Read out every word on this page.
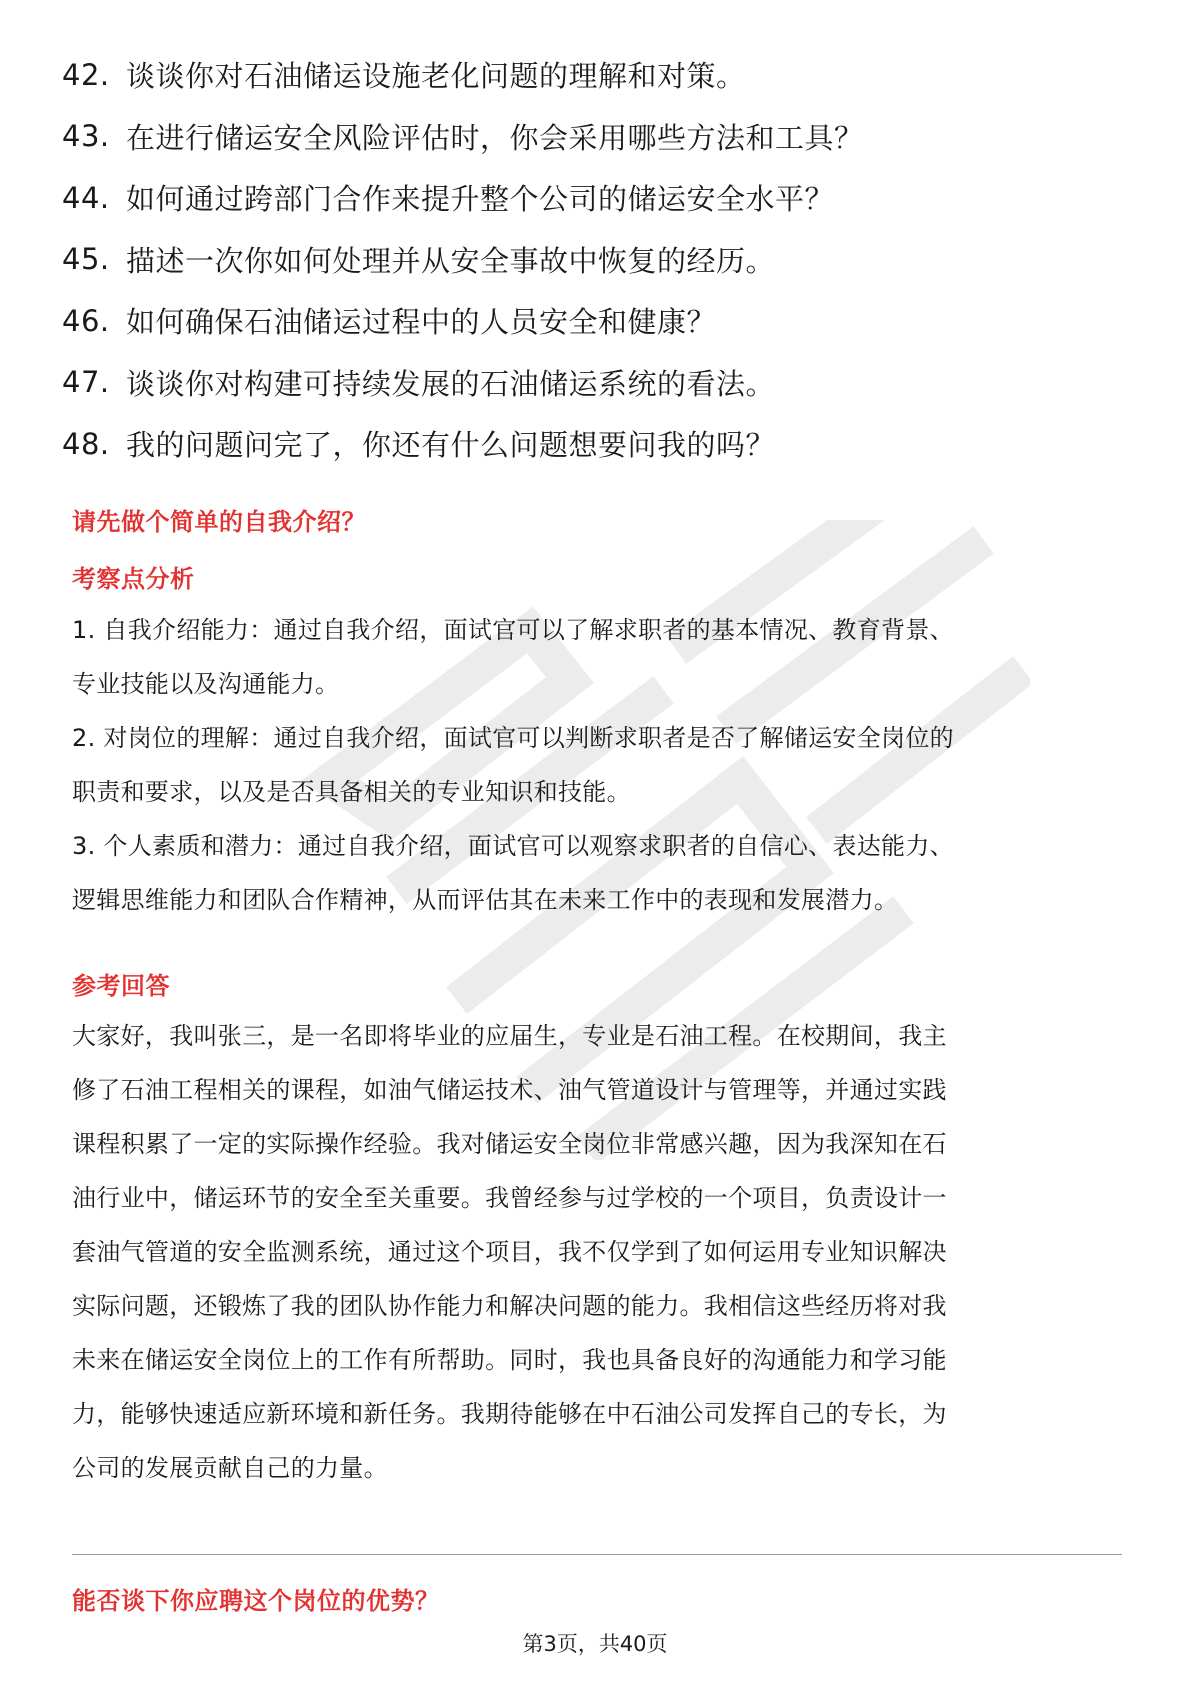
42. 谈谈你对石油储运设施老化问题的理解和对策。
43. 在进行储运安全风险评估时，你会采用哪些方法和工具？
44. 如何通过跨部门合作来提升整个公司的储运安全水平？
45. 描述一次你如何处理并从安全事故中恢复的经历。
46. 如何确保石油储运过程中的人员安全和健康？
47. 谈谈你对构建可持续发展的石油储运系统的看法。
48. 我的问题问完了，你还有什么问题想要问我的吗？
请先做个简单的自我介绍？
考察点分析

1. 自我介绍能力：通过自我介绍，面试官可以了解求职者的基本情况、教育背景、

专业技能以及沟通能力。

2. 对岗位的理解：通过自我介绍，面试官可以判断求职者是否了解储运安全岗位的

职责和要求，以及是否具备相关的专业知识和技能。

3. 个人素质和潜力：通过自我介绍，面试官可以观察求职者的自信心、表达能力、

逻辑思维能力和团队合作精神，从而评估其在未来工作中的表现和发展潜力。

参考回答

大家好，我叫张三，是一名即将毕业的应届生，专业是石油工程。在校期间，我主

修了石油工程相关的课程，如油气储运技术、油气管道设计与管理等，并通过实践

课程积累了一定的实际操作经验。我对储运安全岗位非常感兴趣，因为我深知在石

油行业中，储运环节的安全至关重要。我曾经参与过学校的一个项目，负责设计一

套油气管道的安全监测系统，通过这个项目，我不仅学到了如何运用专业知识解决

实际问题，还锻炼了我的团队协作能力和解决问题的能力。我相信这些经历将对我

未来在储运安全岗位上的工作有所帮助。同时，我也具备良好的沟通能力和学习能

力，能够快速适应新环境和新任务。我期待能够在中石油公司发挥自己的专长，为

公司的发展贡献自己的力量。

能否谈下你应聘这个岗位的优势？
第3页，共40页
